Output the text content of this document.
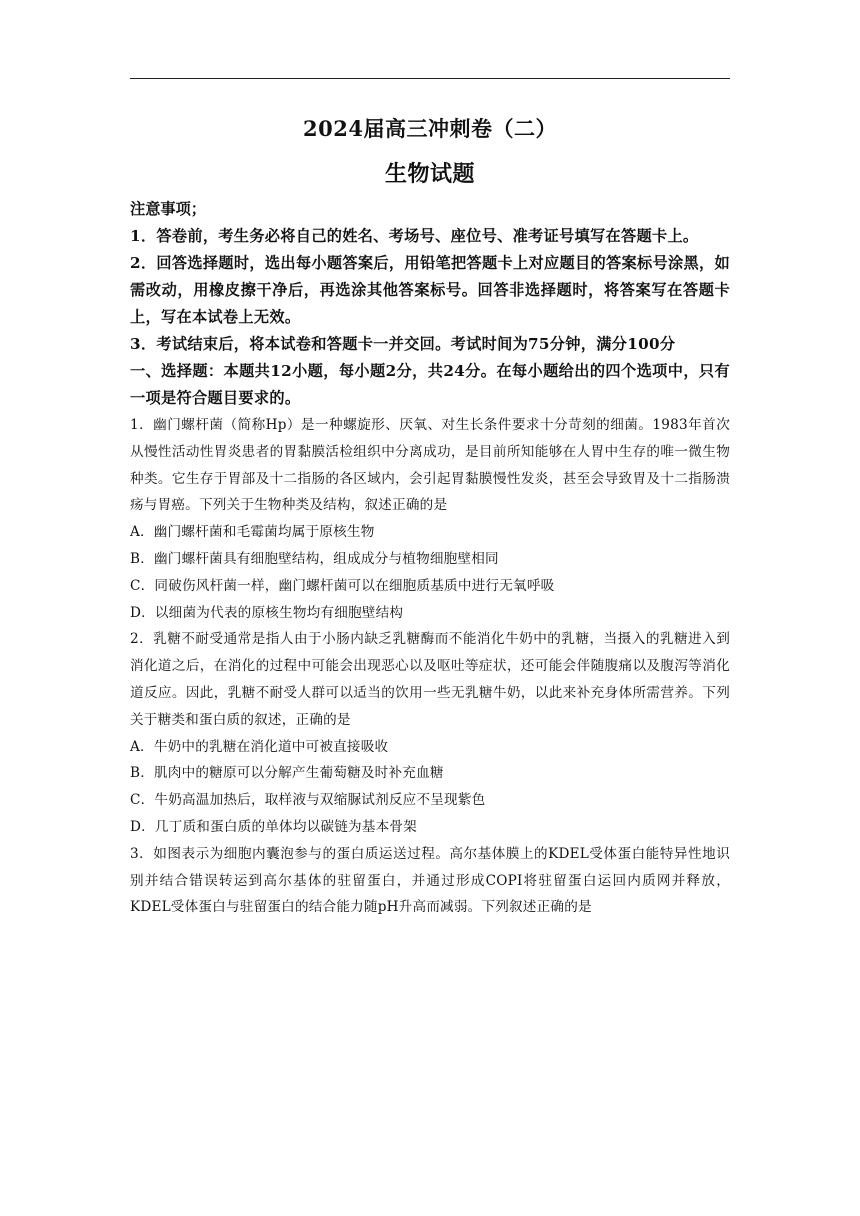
2024届高三冲刺卷（二）
生物试题
注意事项；
1．答卷前，考生务必将自己的姓名、考场号、座位号、准考证号填写在答题卡上。
2．回答选择题时，选出每小题答案后，用铅笔把答题卡上对应题目的答案标号涂黑，如需改动，用橡皮擦干净后，再选涂其他答案标号。回答非选择题时，将答案写在答题卡上，写在本试卷上无效。
3．考试结束后，将本试卷和答题卡一并交回。考试时间为75分钟，满分100分
一、选择题：本题共12小题，每小题2分，共24分。在每小题给出的四个选项中，只有一项是符合题目要求的。
1．幽门螺杆菌（简称Hp）是一种螺旋形、厌氧、对生长条件要求十分苛刻的细菌。1983年首次从慢性活动性胃炎患者的胃黏膜活检组织中分离成功，是目前所知能够在人胃中生存的唯一微生物种类。它生存于胃部及十二指肠的各区域内，会引起胃黏膜慢性发炎，甚至会导致胃及十二指肠溃疡与胃癌。下列关于生物种类及结构，叙述正确的是
A．幽门螺杆菌和毛霉菌均属于原核生物
B．幽门螺杆菌具有细胞壁结构，组成成分与植物细胞壁相同
C．同破伤风杆菌一样，幽门螺杆菌可以在细胞质基质中进行无氧呼吸
D．以细菌为代表的原核生物均有细胞壁结构
2．乳糖不耐受通常是指人由于小肠内缺乏乳糖酶而不能消化牛奶中的乳糖，当摄入的乳糖进入到消化道之后，在消化的过程中可能会出现恶心以及呕吐等症状，还可能会伴随腹痛以及腹泻等消化道反应。因此，乳糖不耐受人群可以适当的饮用一些无乳糖牛奶，以此来补充身体所需营养。下列关于糖类和蛋白质的叙述，正确的是
A．牛奶中的乳糖在消化道中可被直接吸收
B．肌肉中的糖原可以分解产生葡萄糖及时补充血糖
C．牛奶高温加热后，取样液与双缩脲试剂反应不呈现紫色
D．几丁质和蛋白质的单体均以碳链为基本骨架
3．如图表示为细胞内囊泡参与的蛋白质运送过程。高尔基体膜上的KDEL受体蛋白能特异性地识别并结合错误转运到高尔基体的驻留蛋白，并通过形成COPI将驻留蛋白运回内质网并释放，KDEL受体蛋白与驻留蛋白的结合能力随pH升高而减弱。下列叙述正确的是
